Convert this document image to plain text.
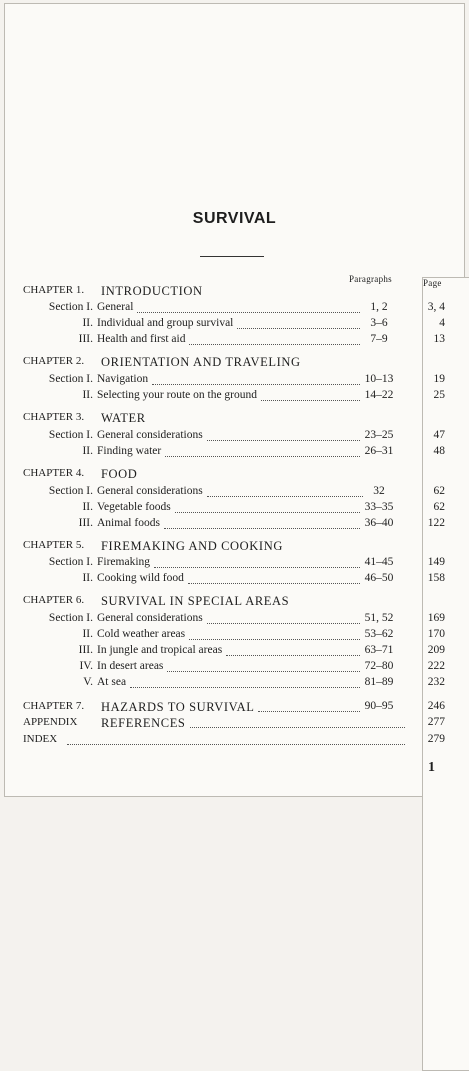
SURVIVAL
Paragraphs	Page
CHAPTER 1.	INTRODUCTION
Section I. General	1, 2	3, 4
II. Individual and group survival	3–6	4
III. Health and first aid	7–9	13
CHAPTER 2.	ORIENTATION AND TRAVELING
Section I. Navigation	10–13	19
II. Selecting your route on the ground	14–22	25
CHAPTER 3.	WATER
Section I. General considerations	23–25	47
II. Finding water	26–31	48
CHAPTER 4.	FOOD
Section I. General considerations	32	62
II. Vegetable foods	33–35	62
III. Animal foods	36–40	122
CHAPTER 5.	FIREMAKING AND COOKING
Section I. Firemaking	41–45	149
II. Cooking wild food	46–50	158
CHAPTER 6.	SURVIVAL IN SPECIAL AREAS
Section I. General considerations	51, 52	169
II. Cold weather areas	53–62	170
III. In jungle and tropical areas	63–71	209
IV. In desert areas	72–80	222
V. At sea	81–89	232
CHAPTER 7.	HAZARDS TO SURVIVAL	90–95	246
APPENDIX	REFERENCES	277
INDEX	279
1
